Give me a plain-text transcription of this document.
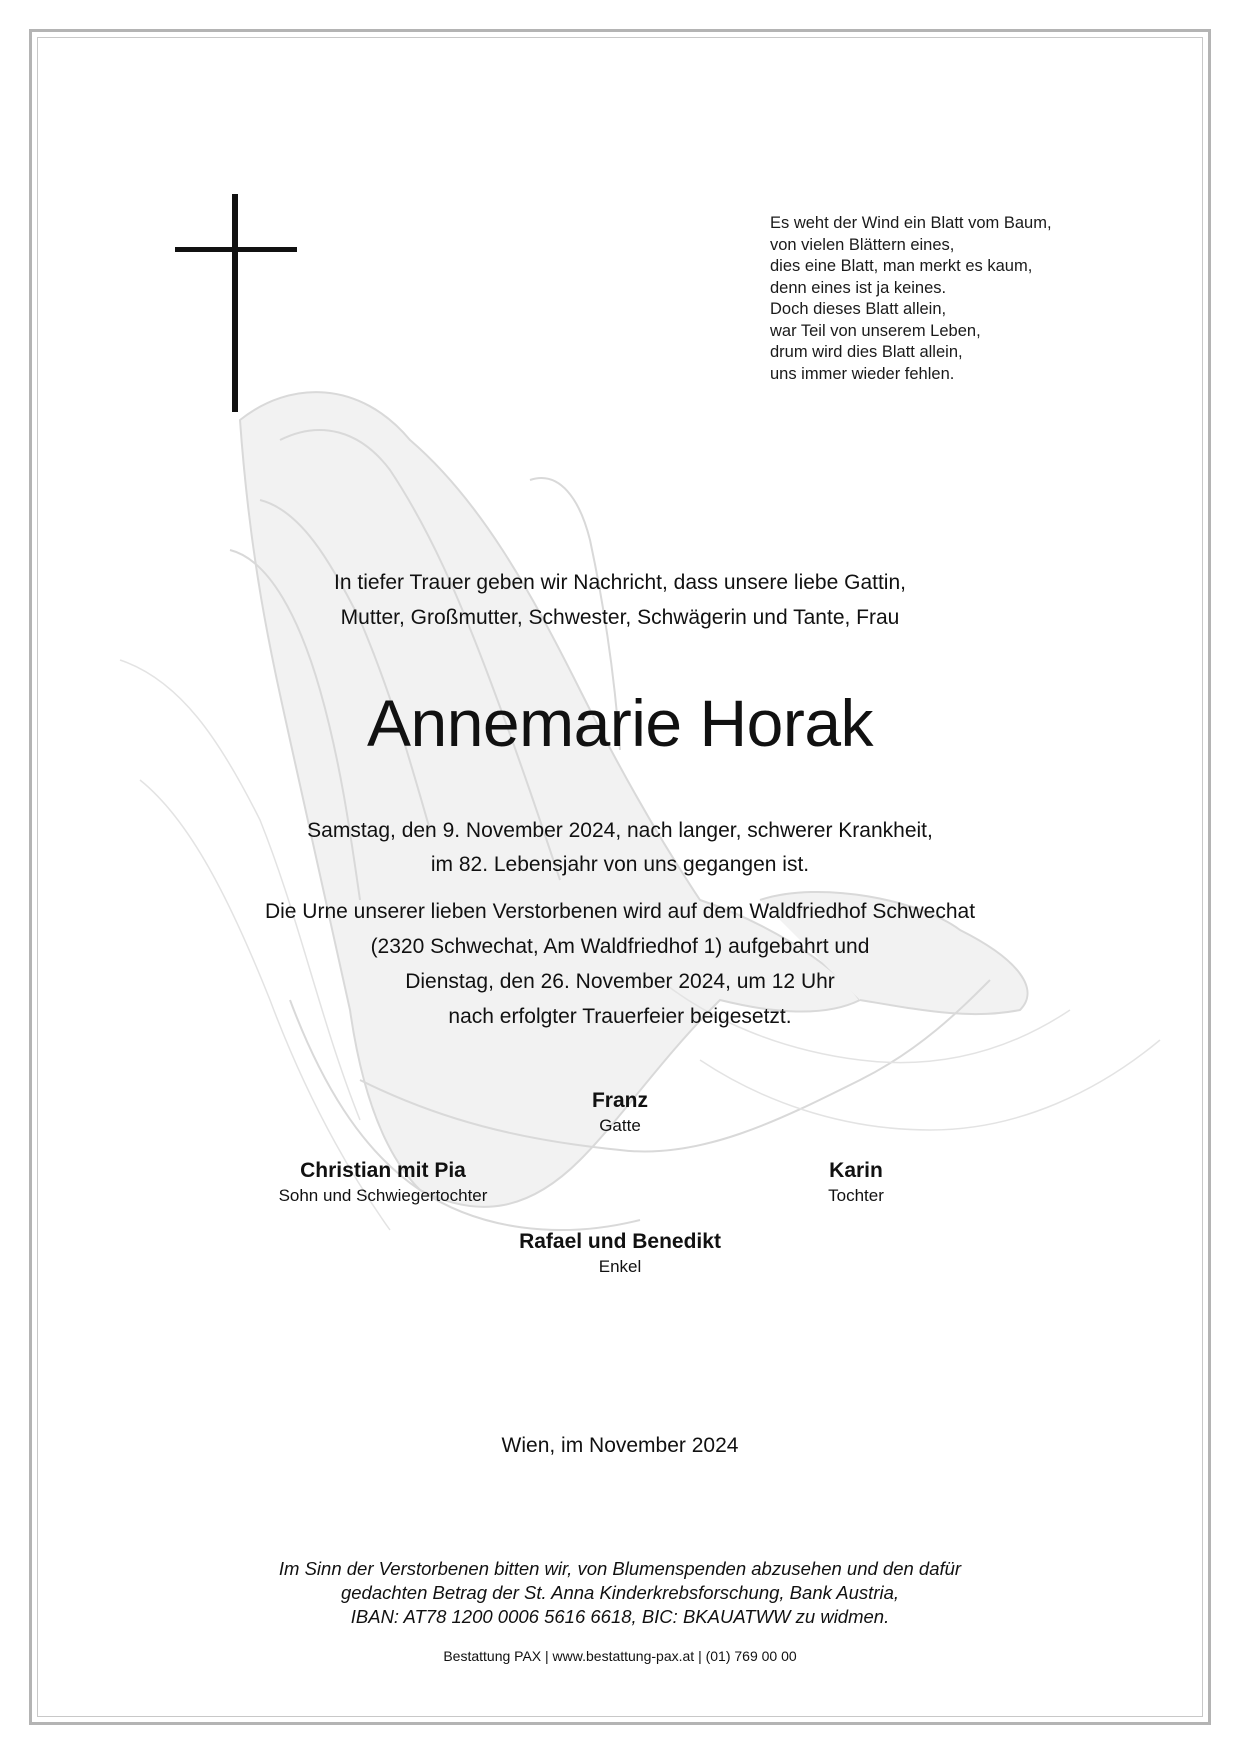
Es weht der Wind ein Blatt vom Baum,
von vielen Blättern eines,
dies eine Blatt, man merkt es kaum,
denn eines ist ja keines.
Doch dieses Blatt allein,
war Teil von unserem Leben,
drum wird dies Blatt allein,
uns immer wieder fehlen.
In tiefer Trauer geben wir Nachricht, dass unsere liebe Gattin,
Mutter, Großmutter, Schwester, Schwägerin und Tante, Frau
Annemarie Horak
Samstag, den 9. November 2024, nach langer, schwerer Krankheit,
im 82. Lebensjahr von uns gegangen ist.
Die Urne unserer lieben Verstorbenen wird auf dem Waldfriedhof Schwechat
(2320 Schwechat, Am Waldfriedhof 1) aufgebahrt und
Dienstag, den 26. November 2024, um 12 Uhr
nach erfolgter Trauerfeier beigesetzt.
Franz
Gatte
Christian mit Pia
Sohn und Schwiegertochter
Karin
Tochter
Rafael und Benedikt
Enkel
Wien, im November 2024
Im Sinn der Verstorbenen bitten wir, von Blumenspenden abzusehen und den dafür
gedachten Betrag der St. Anna Kinderkrebsforschung, Bank Austria,
IBAN: AT78 1200 0006 5616 6618, BIC: BKAUATWW zu widmen.
Bestattung PAX | www.bestattung-pax.at | (01) 769 00 00
